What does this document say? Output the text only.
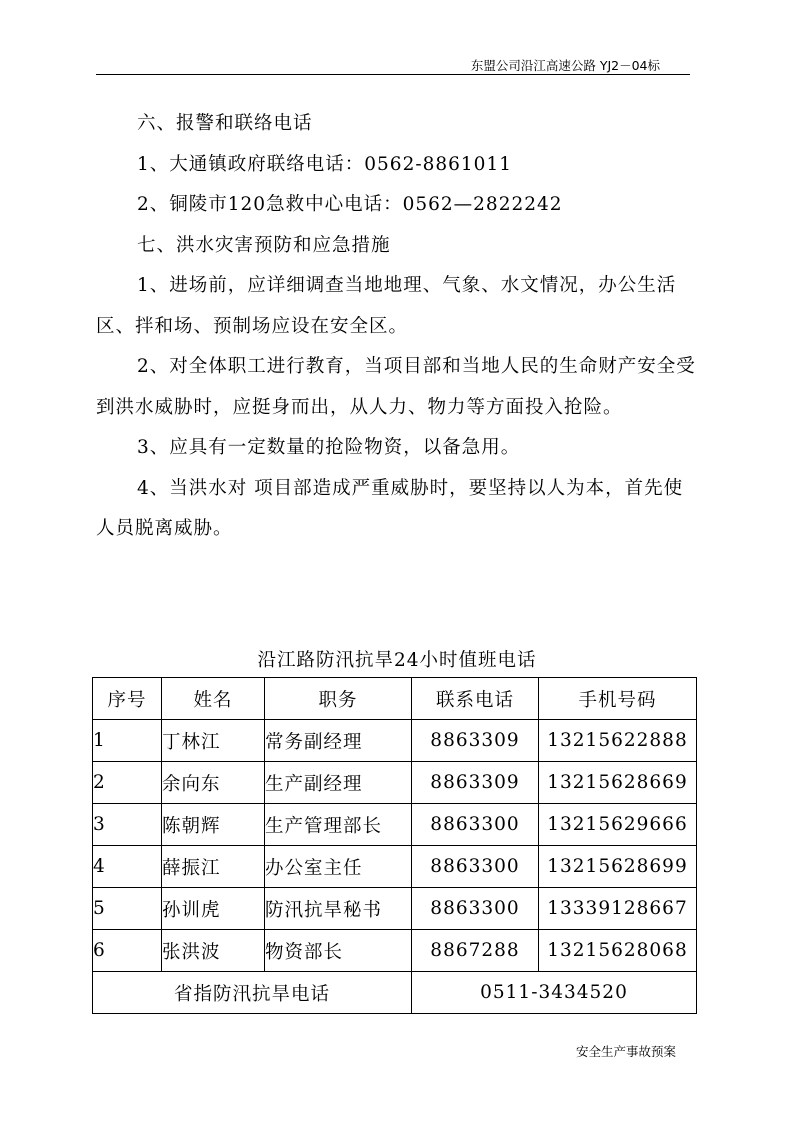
东盟公司沿江高速公路 YJ2－04标

六、报警和联络电话

1、大通镇政府联络电话：0562-8861011

2、铜陵市120急救中心电话：0562—2822242

七、洪水灾害预防和应急措施

1、进场前，应详细调查当地地理、气象、水文情况，办公生活区、拌和场、预制场应设在安全区。

2、对全体职工进行教育，当项目部和当地人民的生命财产安全受到洪水威胁时，应挺身而出，从人力、物力等方面投入抢险。

3、应具有一定数量的抢险物资，以备急用。

4、当洪水对 项目部造成严重威胁时，要坚持以人为本，首先使人员脱离威胁。

沿江路防汛抗旱24小时值班电话
序号	姓名	职务	联系电话	手机号码
1	丁林江	常务副经理	8863309	13215622888
2	余向东	生产副经理	8863309	13215628669
3	陈朝辉	生产管理部长	8863300	13215629666
4	薛振江	办公室主任	8863300	13215628699
5	孙训虎	防汛抗旱秘书	8863300	13339128667
6	张洪波	物资部长	8867288	13215628068
省指防汛抗旱电话			0511-3434520	
安全生产事故预案
